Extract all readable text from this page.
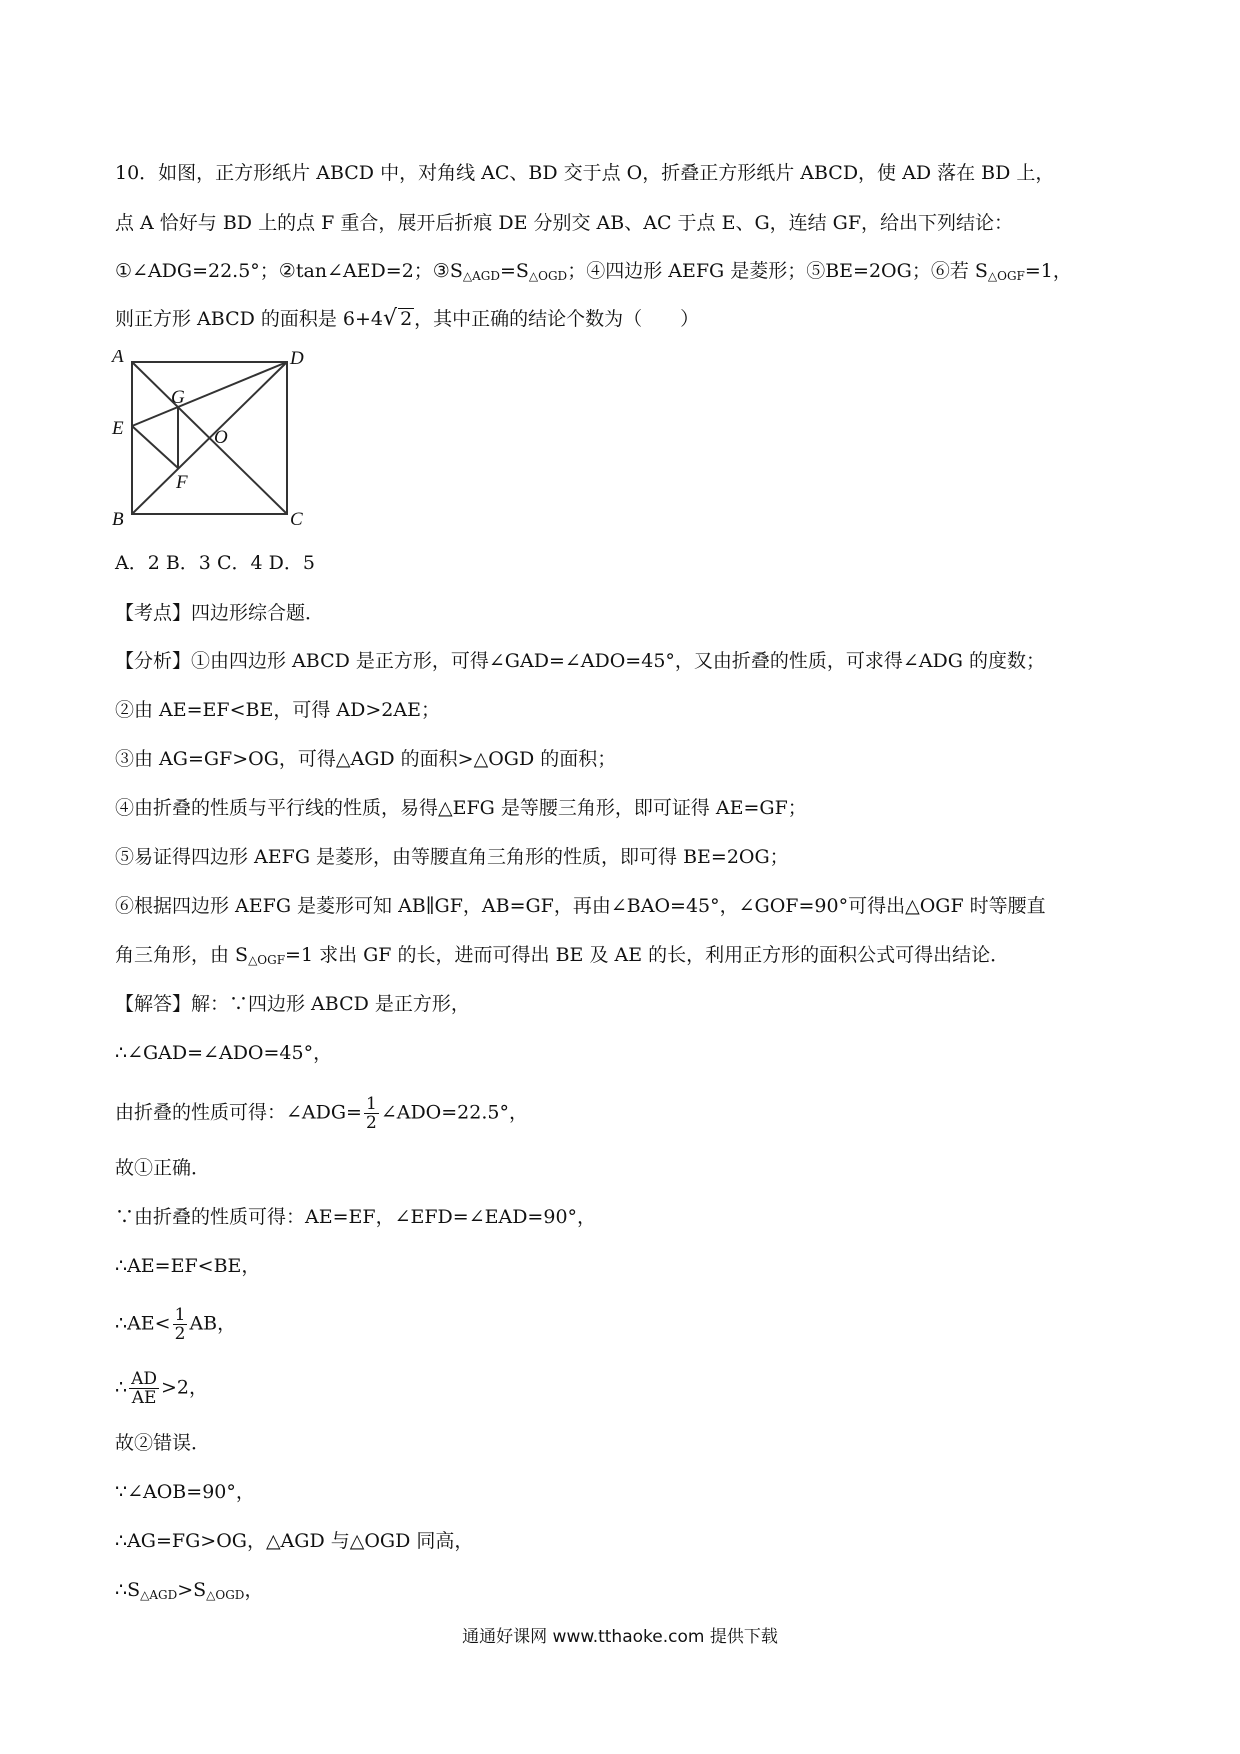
10．如图，正方形纸片 ABCD 中，对角线 AC、BD 交于点 O，折叠正方形纸片 ABCD，使 AD 落在 BD 上，
点 A 恰好与 BD 上的点 F 重合，展开后折痕 DE 分别交 AB、AC 于点 E、G，连结 GF，给出下列结论：
①∠ADG=22.5°；②tan∠AED=2；$③S_{\triangle AGD}=S_{\triangle OGD}$；④四边形 AEFG 是菱形；⑤BE=2OG；⑥若 $S_{\triangle OGF}=1$，
则正方形 ABCD 的面积是 6+4√ 2 ，其中正确的结论个数为（　　）
A	D
G
E	O
F
B	C
A．2 B．3 C．4 D．5
【考点】四边形综合题．
【分析】①由四边形 ABCD 是正方形，可得∠GAD=∠ADO=45°，又由折叠的性质，可求得∠ADG 的度数；
②由 AE=EF<BE，可得 AD>2AE；
③由 AG=GF>OG，可得△AGD 的面积>△OGD 的面积；
④由折叠的性质与平行线的性质，易得△EFG 是等腰三角形，即可证得 AE=GF；
⑤易证得四边形 AEFG 是菱形，由等腰直角三角形的性质，即可得 BE=2OG；
⑥根据四边形 AEFG 是菱形可知 AB∥GF，AB=GF，再由∠BAO=45°，∠GOF=90°可得出△OGF 时等腰直
角三角形，由 $S_{\triangle OGF}=1$ 求出 GF 的长，进而可得出 BE 及 AE 的长，利用正方形的面积公式可得出结论．
【解答】解：∵四边形 ABCD 是正方形，
∴∠GAD=∠ADO=45°，
由折叠的性质可得：∠ADG= $\frac{1}{2}$ ∠ADO=22.5°，
故①正确．
∵由折叠的性质可得：AE=EF，∠EFD=∠EAD=90°，
∴AE=EF<BE，
∴AE< $\frac{1}{2}$ AB，
∴ $\frac{AD}{AE} >2$，
故②错误．
∵∠AOB=90°，
∴AG=FG>OG，△AGD 与△OGD 同高，
$\therefore S_{\triangle AGD}>S_{\triangle OGD}$，
通通好课网 www.tthaoke.com 提供下载
